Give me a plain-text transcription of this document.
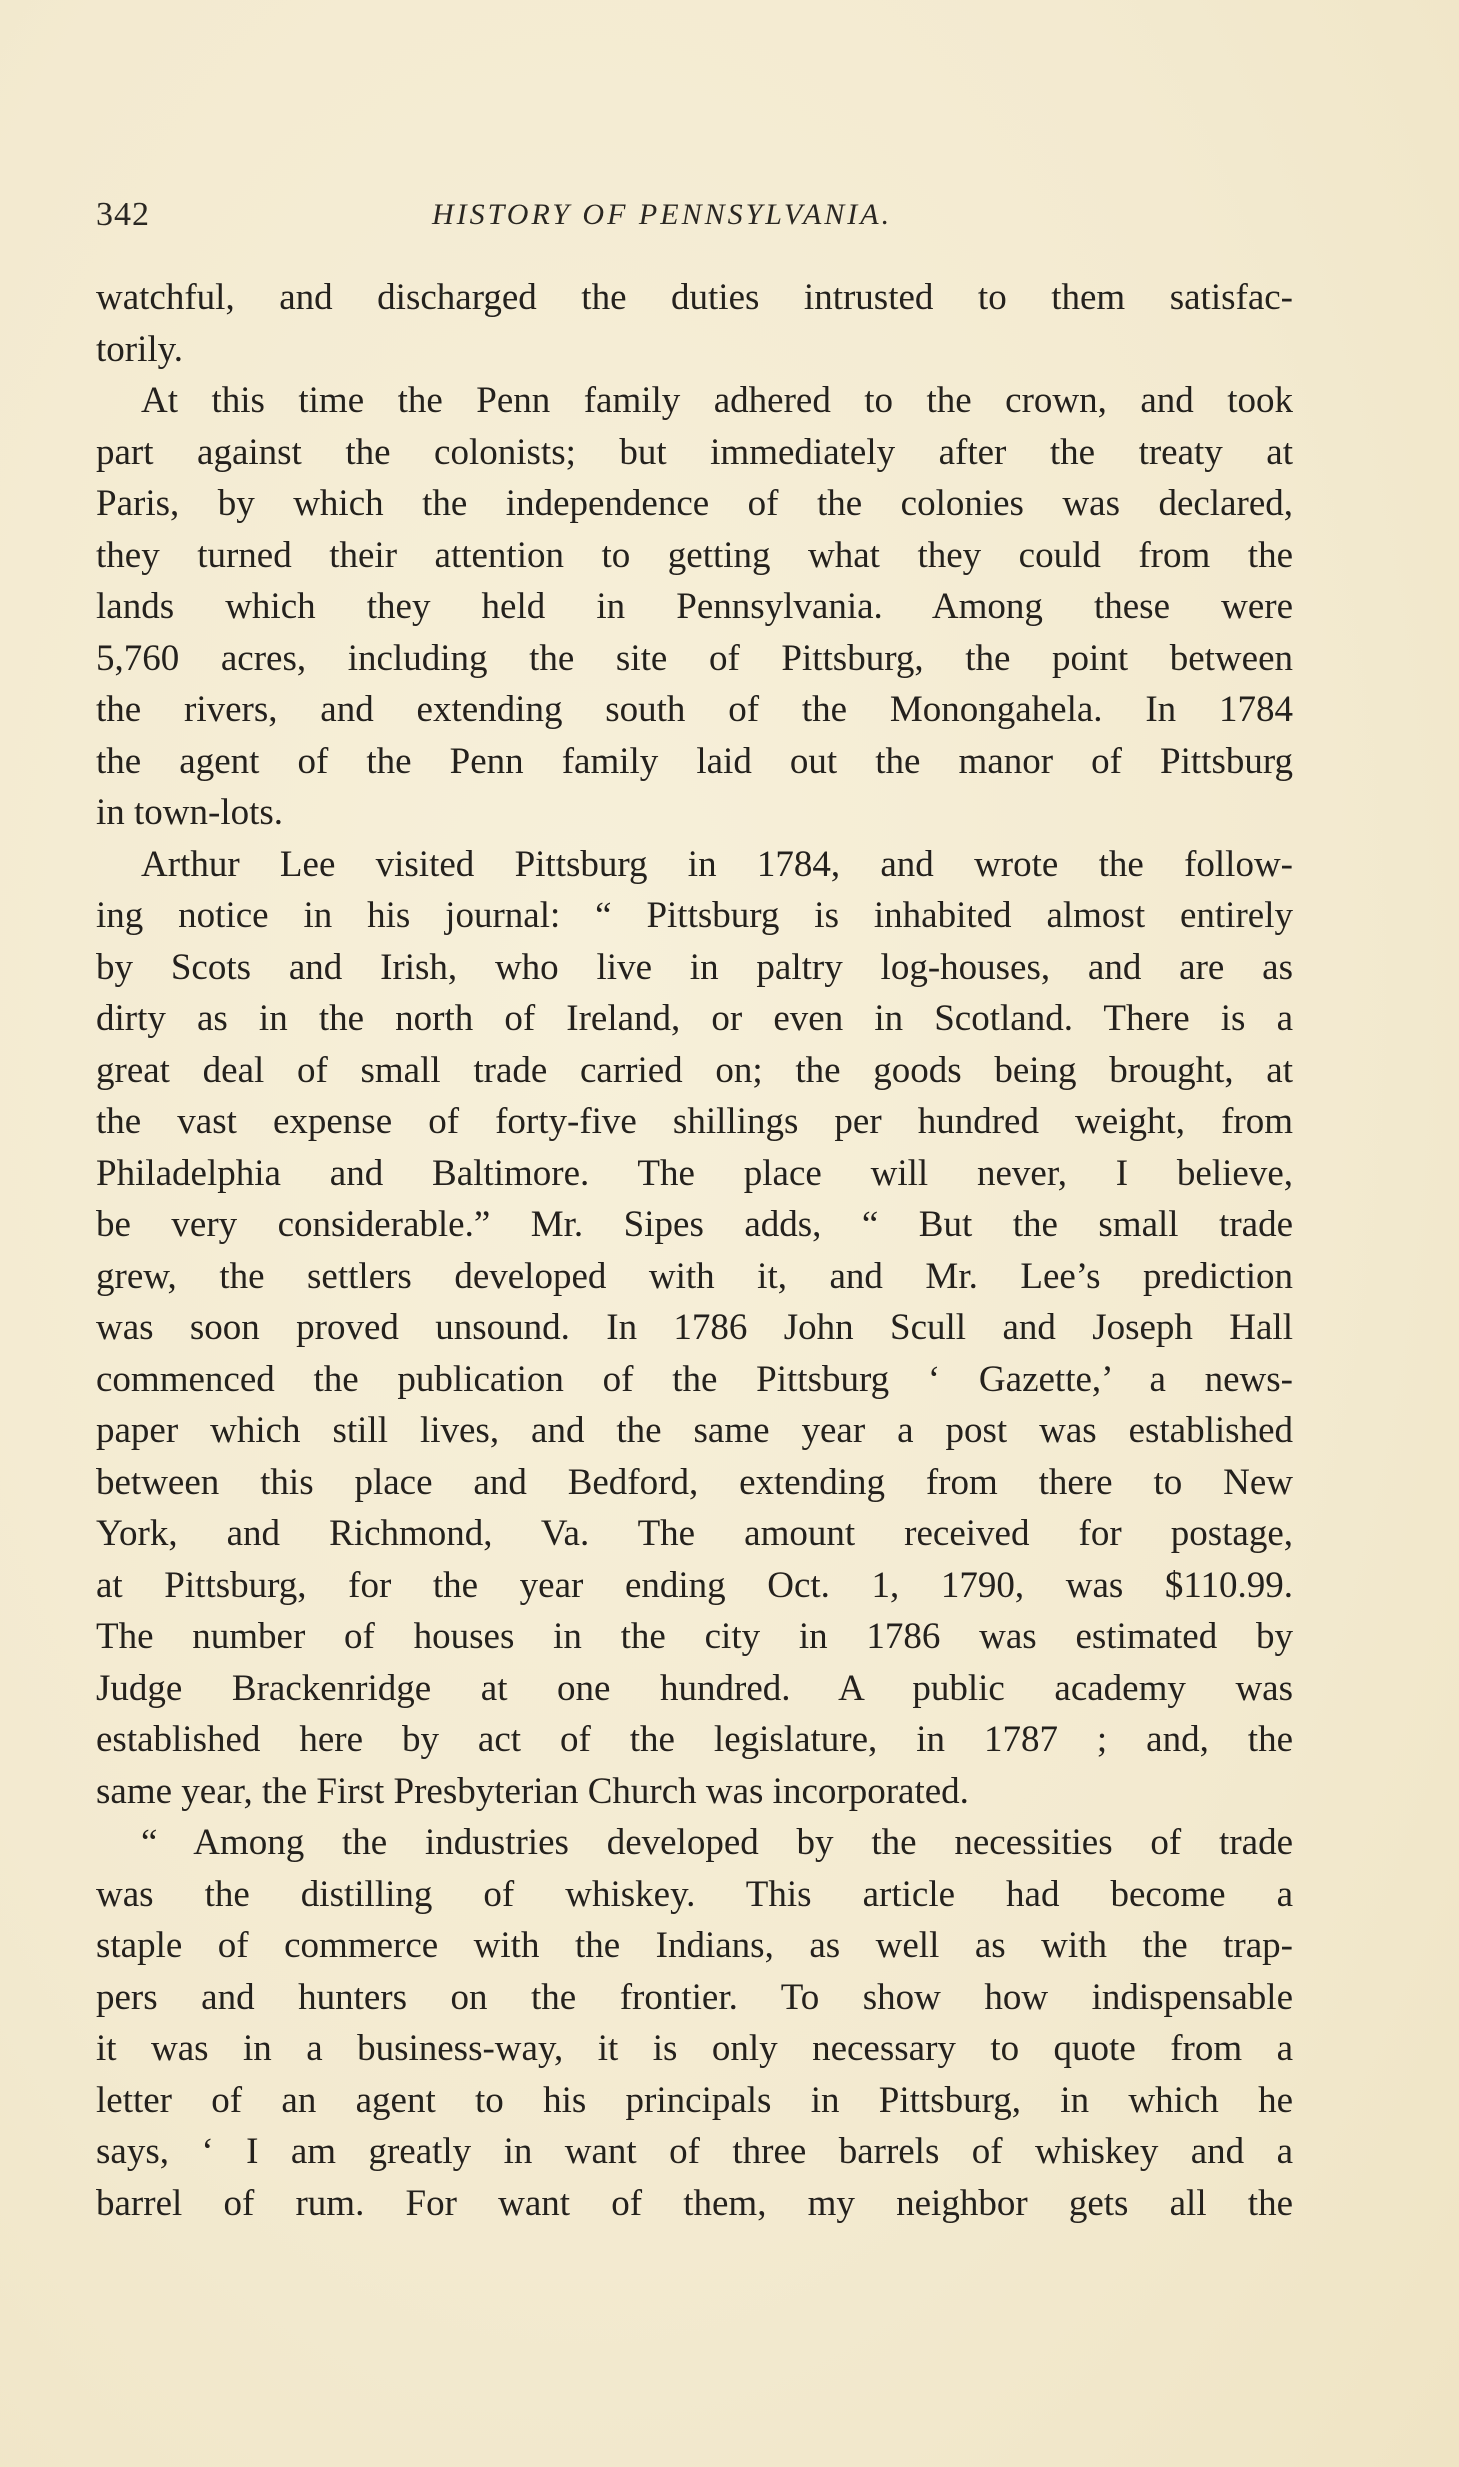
342	HISTORY OF PENNSYLVANIA.
watchful, and discharged the duties intrusted to them satisfac-
torily.
At this time the Penn family adhered to the crown, and took
part against the colonists; but immediately after the treaty at
Paris, by which the independence of the colonies was declared,
they turned their attention to getting what they could from the
lands which they held in Pennsylvania. Among these were
5,760 acres, including the site of Pittsburg, the point between
the rivers, and extending south of the Monongahela. In 1784
the agent of the Penn family laid out the manor of Pittsburg
in town-lots.
Arthur Lee visited Pittsburg in 1784, and wrote the follow-
ing notice in his journal: “ Pittsburg is inhabited almost entirely
by Scots and Irish, who live in paltry log-houses, and are as
dirty as in the north of Ireland, or even in Scotland. There is a
great deal of small trade carried on; the goods being brought, at
the vast expense of forty-five shillings per hundred weight, from
Philadelphia and Baltimore. The place will never, I believe,
be very considerable.” Mr. Sipes adds, “ But the small trade
grew, the settlers developed with it, and Mr. Lee’s prediction
was soon proved unsound. In 1786 John Scull and Joseph Hall
commenced the publication of the Pittsburg ‘ Gazette,’ a news-
paper which still lives, and the same year a post was established
between this place and Bedford, extending from there to New
York, and Richmond, Va. The amount received for postage,
at Pittsburg, for the year ending Oct. 1, 1790, was $110.99.
The number of houses in the city in 1786 was estimated by
Judge Brackenridge at one hundred. A public academy was
established here by act of the legislature, in 1787 ; and, the
same year, the First Presbyterian Church was incorporated.
“ Among the industries developed by the necessities of trade
was the distilling of whiskey. This article had become a
staple of commerce with the Indians, as well as with the trap-
pers and hunters on the frontier. To show how indispensable
it was in a business-way, it is only necessary to quote from a
letter of an agent to his principals in Pittsburg, in which he
says, ‘ I am greatly in want of three barrels of whiskey and a
barrel of rum. For want of them, my neighbor gets all the
